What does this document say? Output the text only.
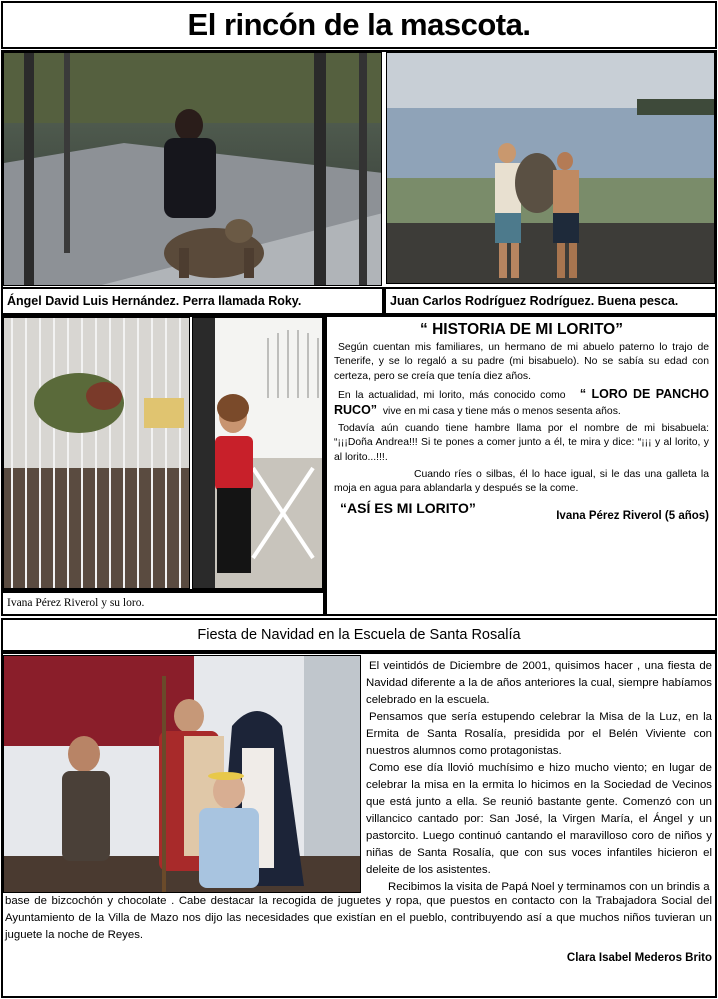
El rincón de la mascota.
Ángel David Luis Hernández. Perra llamada Roky.	Juan Carlos Rodríguez Rodríguez. Buena pesca.
Ivana Pérez Riverol y su loro.
“ HISTORIA DE MI LORITO”

Según cuentan mis familiares, un hermano de mi abuelo paterno lo trajo de Tenerife, y se lo regaló a su padre (mi bisabuelo). No se sabía su edad con certeza, pero se creía que tenía diez años.

En la actualidad, mi lorito, más conocido como “ LORO DE PANCHO RUCO” vive en mi casa y tiene más o menos sesenta años.

Todavía aún cuando tiene hambre llama por el nombre de mi bisabuela: “¡¡¡Doña Andrea!!! Si te pones a comer junto a él, te mira y dice: “¡¡¡ y al lorito, y al lorito...!!!.

Cuando ríes o silbas, él lo hace igual, si le das una galleta la moja en agua para ablandarla y después se la come.

“ASÍ ES MI LORITO”
Ivana Pérez Riverol (5 años)
Fiesta de Navidad en la Escuela de Santa Rosalía

El veintidós de Diciembre de 2001, quisimos hacer , una fiesta de Navidad diferente a la de años anteriores la cual, siempre habíamos celebrado en la escuela.

Pensamos que sería estupendo celebrar la Misa de la Luz, en la Ermita de Santa Rosalía, presidida por el Belén Viviente con nuestros alumnos como protagonistas.

Como ese día llovió muchísimo e hizo mucho viento; en lugar de celebrar la misa en la ermita lo hicimos en la Sociedad de Vecinos que está junto a ella. Se reunió bastante gente. Comenzó con un villancico cantado por: San José, la Virgen María, el Ángel y un pastorcito. Luego continuó cantando el maravilloso coro de niños y niñas de Santa Rosalía, que con sus voces infantiles hicieron el deleite de los asistentes.

Recibimos la visita de Papá Noel y terminamos con un brindis a

base de bizcochón y chocolate . Cabe destacar la recogida de juguetes y ropa, que puestos en contacto con la Trabajadora Social del Ayuntamiento de la Villa de Mazo nos dijo las necesidades que existían en el pueblo, contribuyendo así a que muchos niños tuvieran un juguete la noche de Reyes.

Clara Isabel Mederos Brito
